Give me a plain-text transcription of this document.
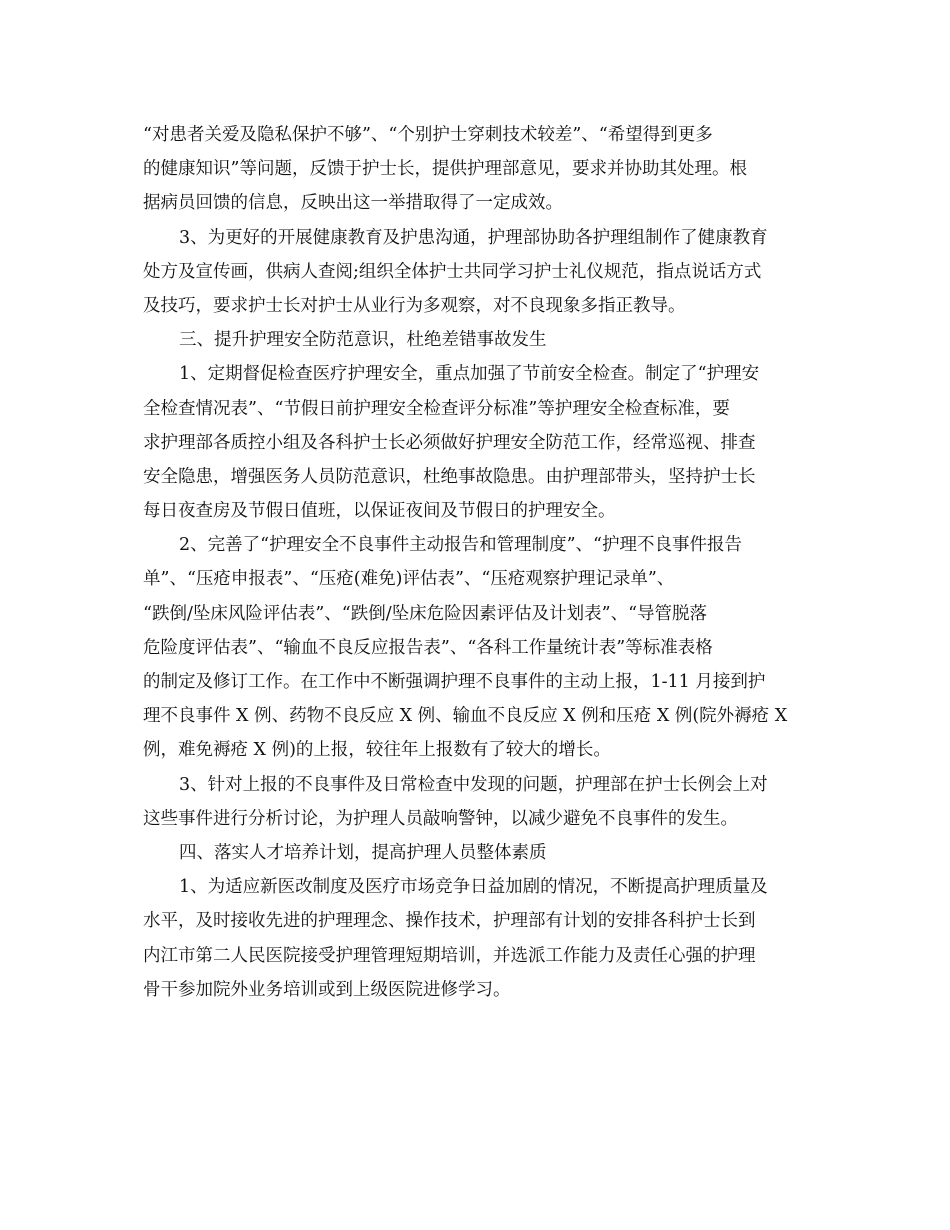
“对患者关爱及隐私保护不够”、“个别护士穿刺技术较差”、“希望得到更多
的健康知识”等问题，反馈于护士长，提供护理部意见，要求并协助其处理。根
据病员回馈的信息，反映出这一举措取得了一定成效。
3、为更好的开展健康教育及护患沟通，护理部协助各护理组制作了健康教育
处方及宣传画，供病人查阅;组织全体护士共同学习护士礼仪规范，指点说话方式
及技巧，要求护士长对护士从业行为多观察，对不良现象多指正教导。
三、提升护理安全防范意识，杜绝差错事故发生
1、定期督促检查医疗护理安全，重点加强了节前安全检查。制定了“护理安
全检查情况表”、“节假日前护理安全检查评分标准”等护理安全检查标准，要
求护理部各质控小组及各科护士长必须做好护理安全防范工作，经常巡视、排查
安全隐患，增强医务人员防范意识，杜绝事故隐患。由护理部带头，坚持护士长
每日夜查房及节假日值班，以保证夜间及节假日的护理安全。
2、完善了“护理安全不良事件主动报告和管理制度”、“护理不良事件报告
单”、“压疮申报表”、“压疮(难免)评估表”、“压疮观察护理记录单”、
“跌倒/坠床风险评估表”、“跌倒/坠床危险因素评估及计划表”、“导管脱落
危险度评估表”、“输血不良反应报告表”、“各科工作量统计表”等标准表格
的制定及修订工作。在工作中不断强调护理不良事件的主动上报，1-11 月接到护
理不良事件 X 例、药物不良反应 X 例、输血不良反应 X 例和压疮 X 例(院外褥疮 X
例，难免褥疮 X 例)的上报，较往年上报数有了较大的增长。
3、针对上报的不良事件及日常检查中发现的问题，护理部在护士长例会上对
这些事件进行分析讨论，为护理人员敲响警钟，以减少避免不良事件的发生。
四、落实人才培养计划，提高护理人员整体素质
1、为适应新医改制度及医疗市场竞争日益加剧的情况，不断提高护理质量及
水平，及时接收先进的护理理念、操作技术，护理部有计划的安排各科护士长到
内江市第二人民医院接受护理管理短期培训，并选派工作能力及责任心强的护理
骨干参加院外业务培训或到上级医院进修学习。
